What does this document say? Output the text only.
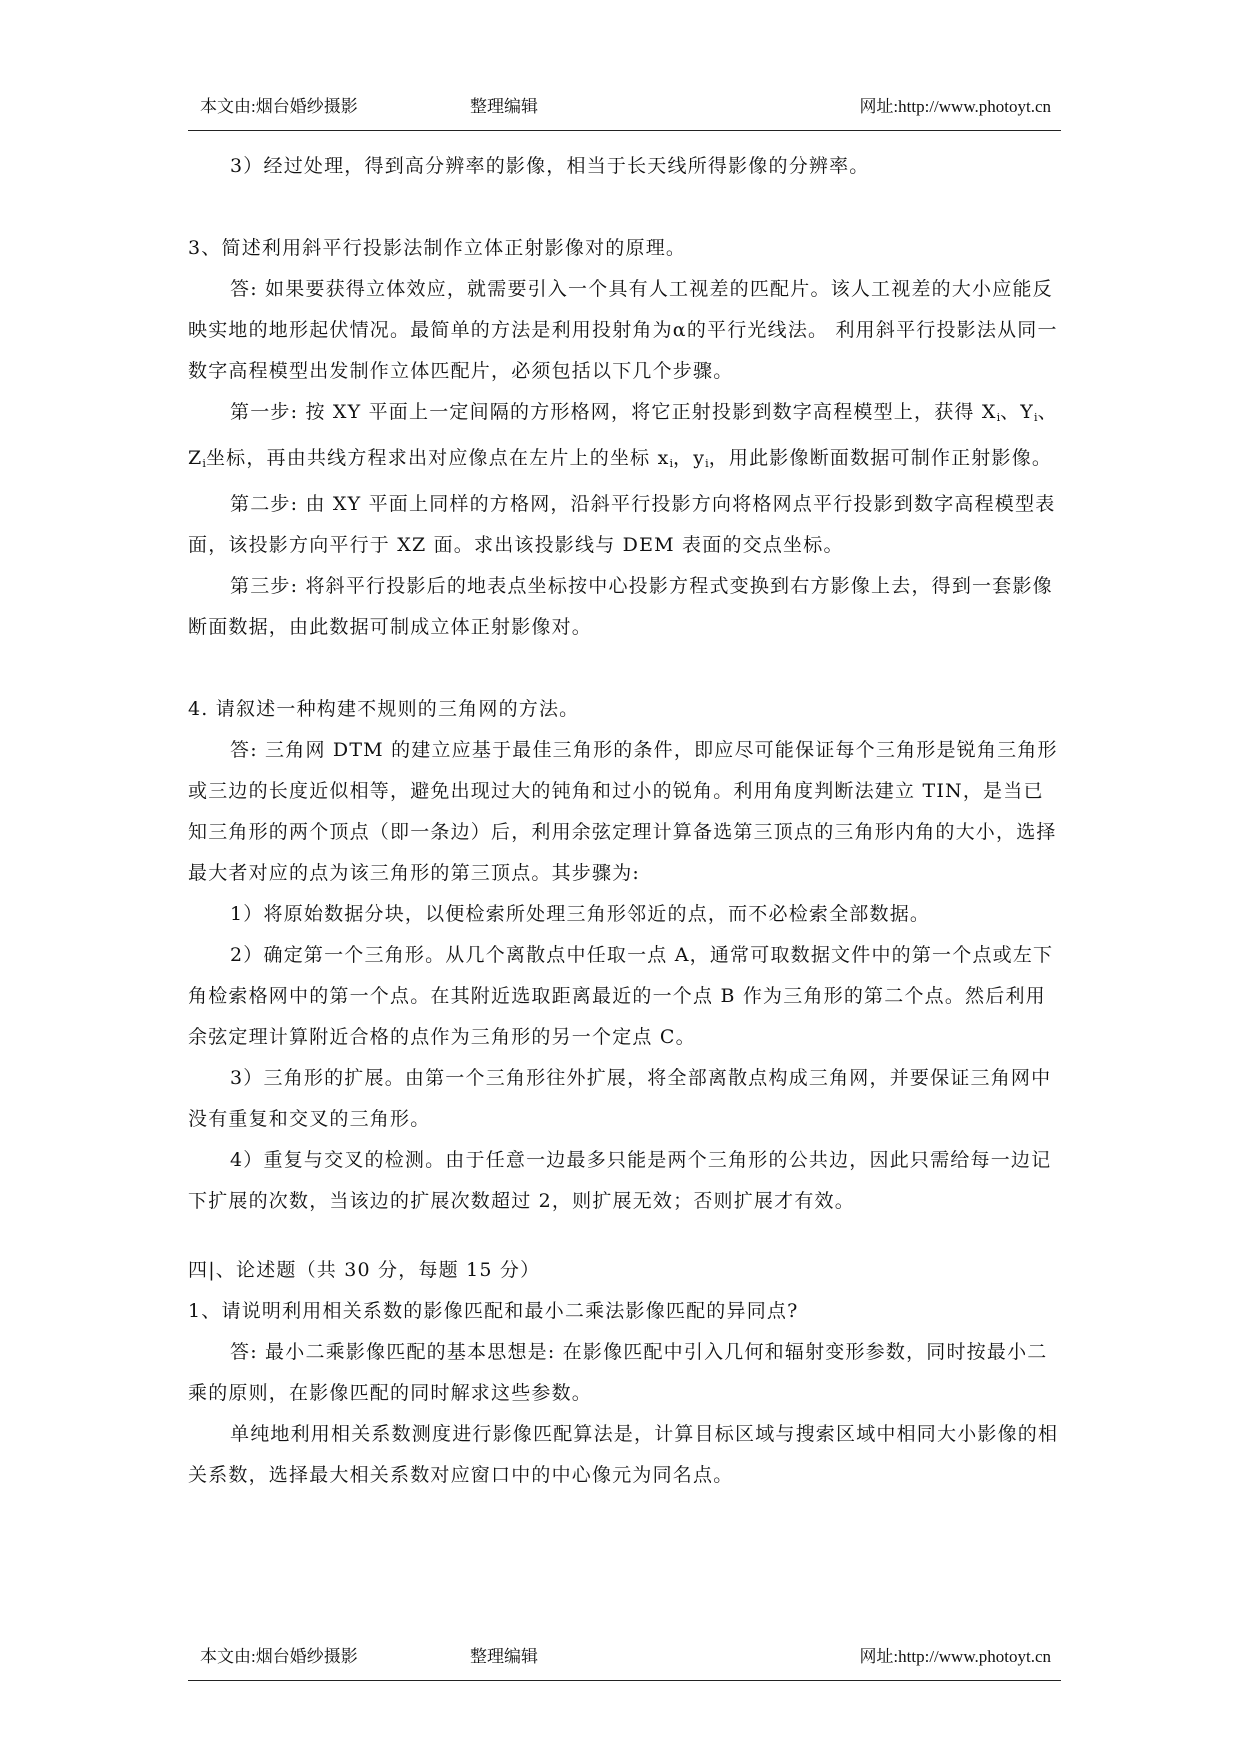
本文由:烟台婚纱摄影	整理编辑	网址:http://www.photoyt.cn

3）经过处理，得到高分辨率的影像，相当于长天线所得影像的分辨率。

3、简述利用斜平行投影法制作立体正射影像对的原理。

答: 如果要获得立体效应，就需要引入一个具有人工视差的匹配片。该人工视差的大小应能反映实地的地形起伏情况。最简单的方法是利用投射角为α的平行光线法。 利用斜平行投影法从同一数字高程模型出发制作立体匹配片，必须包括以下几个步骤。

第一步: 按 XY 平面上一定间隔的方形格网，将它正射投影到数字高程模型上，获得 $X_i$、$Y_i$、$Z_i$坐标，再由共线方程求出对应像点在左片上的坐标 $x_i$，$y_i$，用此影像断面数据可制作正射影像。

第二步: 由 XY 平面上同样的方格网，沿斜平行投影方向将格网点平行投影到数字高程模型表面，该投影方向平行于 XZ 面。求出该投影线与 DEM 表面的交点坐标。

第三步: 将斜平行投影后的地表点坐标按中心投影方程式变换到右方影像上去，得到一套影像断面数据，由此数据可制成立体正射影像对。

4. 请叙述一种构建不规则的三角网的方法。

答: 三角网 DTM 的建立应基于最佳三角形的条件，即应尽可能保证每个三角形是锐角三角形或三边的长度近似相等，避免出现过大的钝角和过小的锐角。利用角度判断法建立 TIN，是当已知三角形的两个顶点（即一条边）后，利用余弦定理计算备选第三顶点的三角形内角的大小，选择最大者对应的点为该三角形的第三顶点。其步骤为:

1）将原始数据分块，以便检索所处理三角形邻近的点，而不必检索全部数据。

2）确定第一个三角形。从几个离散点中任取一点 A，通常可取数据文件中的第一个点或左下角检索格网中的第一个点。在其附近选取距离最近的一个点 B 作为三角形的第二个点。然后利用余弦定理计算附近合格的点作为三角形的另一个定点 C。

3）三角形的扩展。由第一个三角形往外扩展，将全部离散点构成三角网，并要保证三角网中没有重复和交叉的三角形。

4）重复与交叉的检测。由于任意一边最多只能是两个三角形的公共边，因此只需给每一边记下扩展的次数，当该边的扩展次数超过 2，则扩展无效；否则扩展才有效。

四|、论述题（共 30 分，每题 15 分）

1、请说明利用相关系数的影像匹配和最小二乘法影像匹配的异同点?

答: 最小二乘影像匹配的基本思想是: 在影像匹配中引入几何和辐射变形参数，同时按最小二乘的原则，在影像匹配的同时解求这些参数。

单纯地利用相关系数测度进行影像匹配算法是，计算目标区域与搜索区域中相同大小影像的相关系数，选择最大相关系数对应窗口中的中心像元为同名点。

本文由:烟台婚纱摄影	整理编辑	网址:http://www.photoyt.cn
